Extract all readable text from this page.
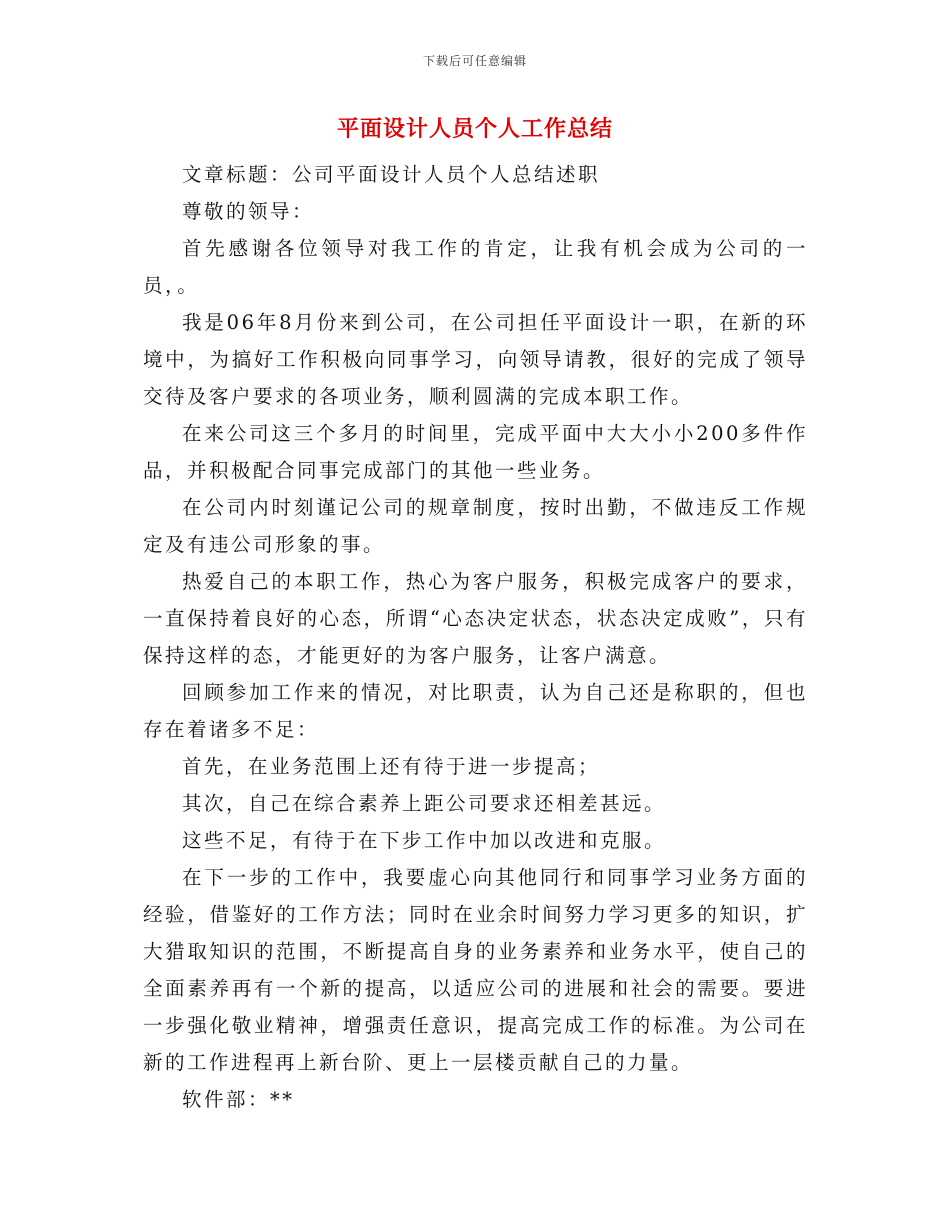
下载后可任意编辑
平面设计人员个人工作总结

文章标题：公司平面设计人员个人总结述职

尊敬的领导：

首先感谢各位领导对我工作的肯定，让我有机会成为公司的一员，。

我是06年8月份来到公司，在公司担任平面设计一职，在新的环境中，为搞好工作积极向同事学习，向领导请教，很好的完成了领导交待及客户要求的各项业务，顺利圆满的完成本职工作。

在来公司这三个多月的时间里，完成平面中大大小小200多件作品，并积极配合同事完成部门的其他一些业务。

在公司内时刻谨记公司的规章制度，按时出勤，不做违反工作规定及有违公司形象的事。

热爱自己的本职工作，热心为客户服务，积极完成客户的要求，一直保持着良好的心态，所谓“心态决定状态，状态决定成败”，只有保持这样的态，才能更好的为客户服务，让客户满意。

回顾参加工作来的情况，对比职责，认为自己还是称职的，但也存在着诸多不足：

首先，在业务范围上还有待于进一步提高；

其次，自己在综合素养上距公司要求还相差甚远。

这些不足，有待于在下步工作中加以改进和克服。

在下一步的工作中，我要虚心向其他同行和同事学习业务方面的经验，借鉴好的工作方法；同时在业余时间努力学习更多的知识，扩大猎取知识的范围，不断提高自身的业务素养和业务水平，使自己的全面素养再有一个新的提高，以适应公司的进展和社会的需要。要进一步强化敬业精神，增强责任意识，提高完成工作的标准。为公司在新的工作进程再上新台阶、更上一层楼贡献自己的力量。

软件部：**
